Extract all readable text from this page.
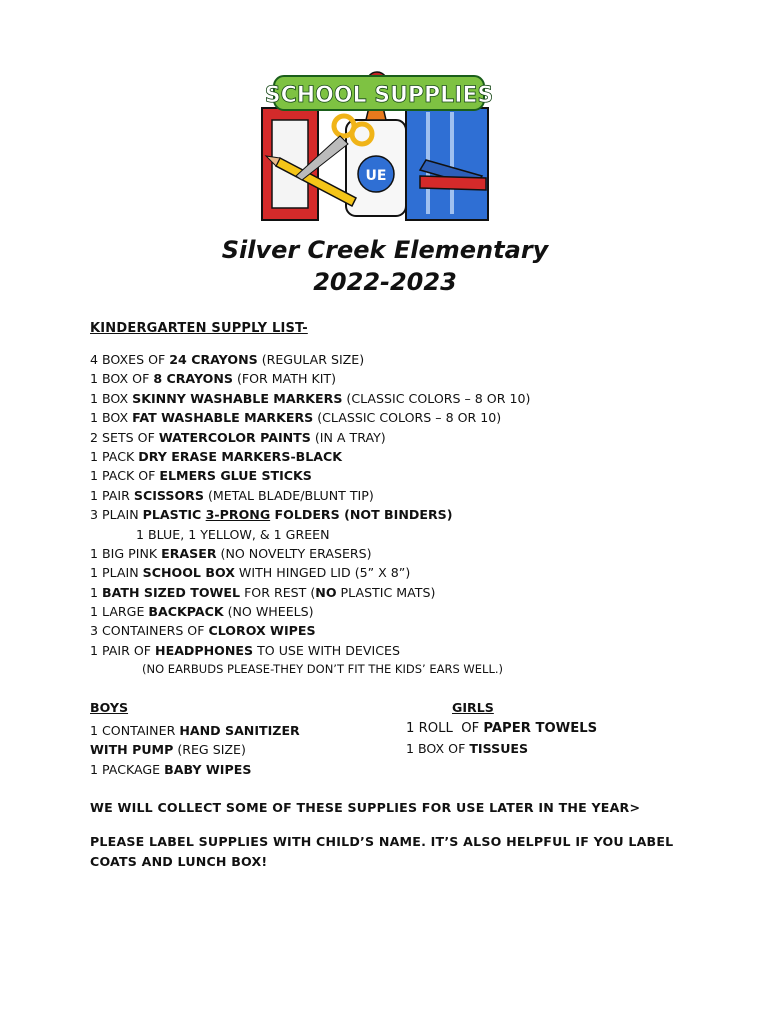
UE
SCHOOL SUPPLIES
Silver Creek Elementary
2022-2023
KINDERGARTEN SUPPLY LIST-
4 BOXES OF 24 CRAYONS (REGULAR SIZE)
1 BOX OF 8 CRAYONS (FOR MATH KIT)
1 BOX SKINNY WASHABLE MARKERS (CLASSIC COLORS – 8 OR 10)
1 BOX FAT WASHABLE MARKERS (CLASSIC COLORS – 8 OR 10)
2 SETS OF WATERCOLOR PAINTS (IN A TRAY)
1 PACK DRY ERASE MARKERS-BLACK
1 PACK OF ELMERS GLUE STICKS
1 PAIR SCISSORS (METAL BLADE/BLUNT TIP)
3 PLAIN PLASTIC 3-PRONG FOLDERS (NOT BINDERS)
1 BLUE, 1 YELLOW, & 1 GREEN
1 BIG PINK ERASER (NO NOVELTY ERASERS)
1 PLAIN SCHOOL BOX WITH HINGED LID (5” X 8”)
1 BATH SIZED TOWEL FOR REST (NO PLASTIC MATS)
1 LARGE BACKPACK (NO WHEELS)
3 CONTAINERS OF CLOROX WIPES
1 PAIR OF HEADPHONES TO USE WITH DEVICES
(NO EARBUDS PLEASE-THEY DON’T FIT THE KIDS’ EARS WELL.)
BOYS	GIRLS
1 CONTAINER HAND SANITIZER
WITH PUMP (REG SIZE)
1 PACKAGE BABY WIPES
1 ROLL  OF PAPER TOWELS
1 BOX OF TISSUES
WE WILL COLLECT SOME OF THESE SUPPLIES FOR USE LATER IN THE YEAR>
PLEASE LABEL SUPPLIES WITH CHILD’S NAME. IT’S ALSO HELPFUL IF YOU LABEL COATS AND LUNCH BOX!
